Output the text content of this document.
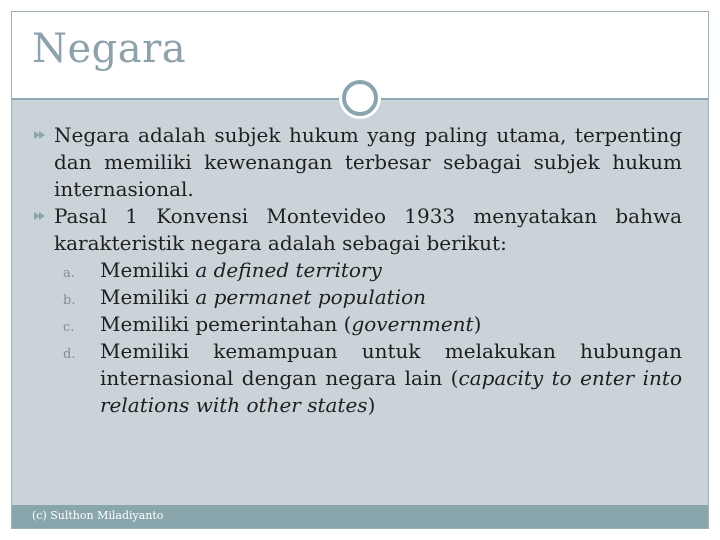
Negara
Negara adalah subjek hukum yang paling utama, terpenting dan memiliki kewenangan terbesar sebagai subjek hukum internasional.
Pasal 1 Konvensi Montevideo 1933 menyatakan bahwa karakteristik negara adalah sebagai berikut:
a. Memiliki a defined territory
b. Memiliki a permanet population
c. Memiliki pemerintahan (government)
d. Memiliki kemampuan untuk melakukan hubungan internasional dengan negara lain (capacity to enter into relations with other states)
(c) Sulthon Miladiyanto
